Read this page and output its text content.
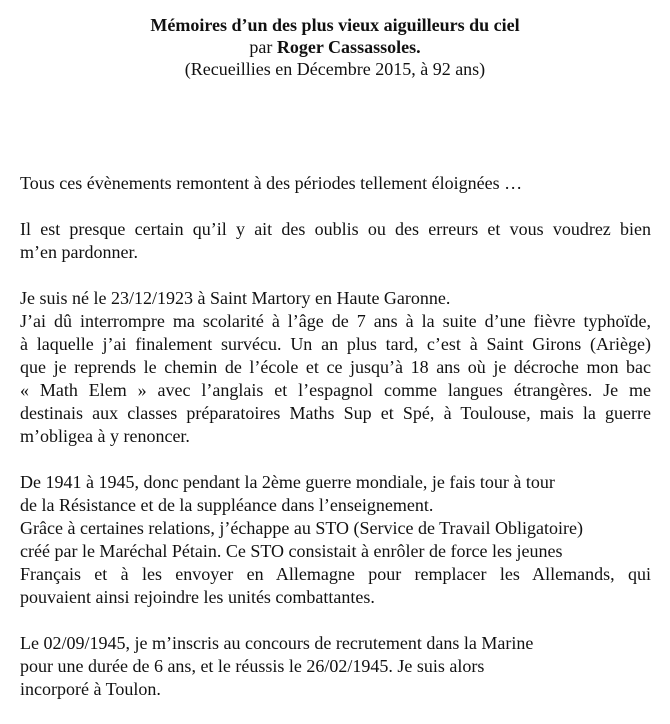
Mémoires d’un des plus vieux aiguilleurs du ciel
par Roger Cassassoles.
(Recueillies en Décembre 2015, à 92 ans)

Tous ces évènements remontent à des périodes tellement éloignées …

Il est presque certain qu’il y ait des oublis ou des erreurs et vous voudrez bien
m’en pardonner.

Je suis né le 23/12/1923 à Saint Martory en Haute Garonne.
J’ai dû interrompre ma scolarité à l’âge de 7 ans à la suite d’une fièvre typhoïde,
à laquelle j’ai finalement survécu. Un an plus tard, c’est à Saint Girons (Ariège)
que je reprends le chemin de l’école et ce jusqu’à 18 ans où je décroche mon bac
« Math Elem » avec l’anglais et l’espagnol comme langues étrangères. Je me
destinais aux classes préparatoires Maths Sup et Spé, à Toulouse, mais la guerre
m’obligea à y renoncer.

De 1941 à 1945, donc pendant la 2ème guerre mondiale, je fais tour à tour
de la Résistance et de la suppléance dans l’enseignement.
Grâce à certaines relations, j’échappe au STO (Service de Travail Obligatoire)
créé par le Maréchal Pétain. Ce STO consistait à enrôler de force les jeunes
Français et à les envoyer en Allemagne pour remplacer les Allemands, qui
pouvaient ainsi rejoindre les unités combattantes.

Le 02/09/1945, je m’inscris au concours de recrutement dans la Marine
pour une durée de 6 ans, et le réussis le 26/02/1945. Je suis alors
incorporé à Toulon.
